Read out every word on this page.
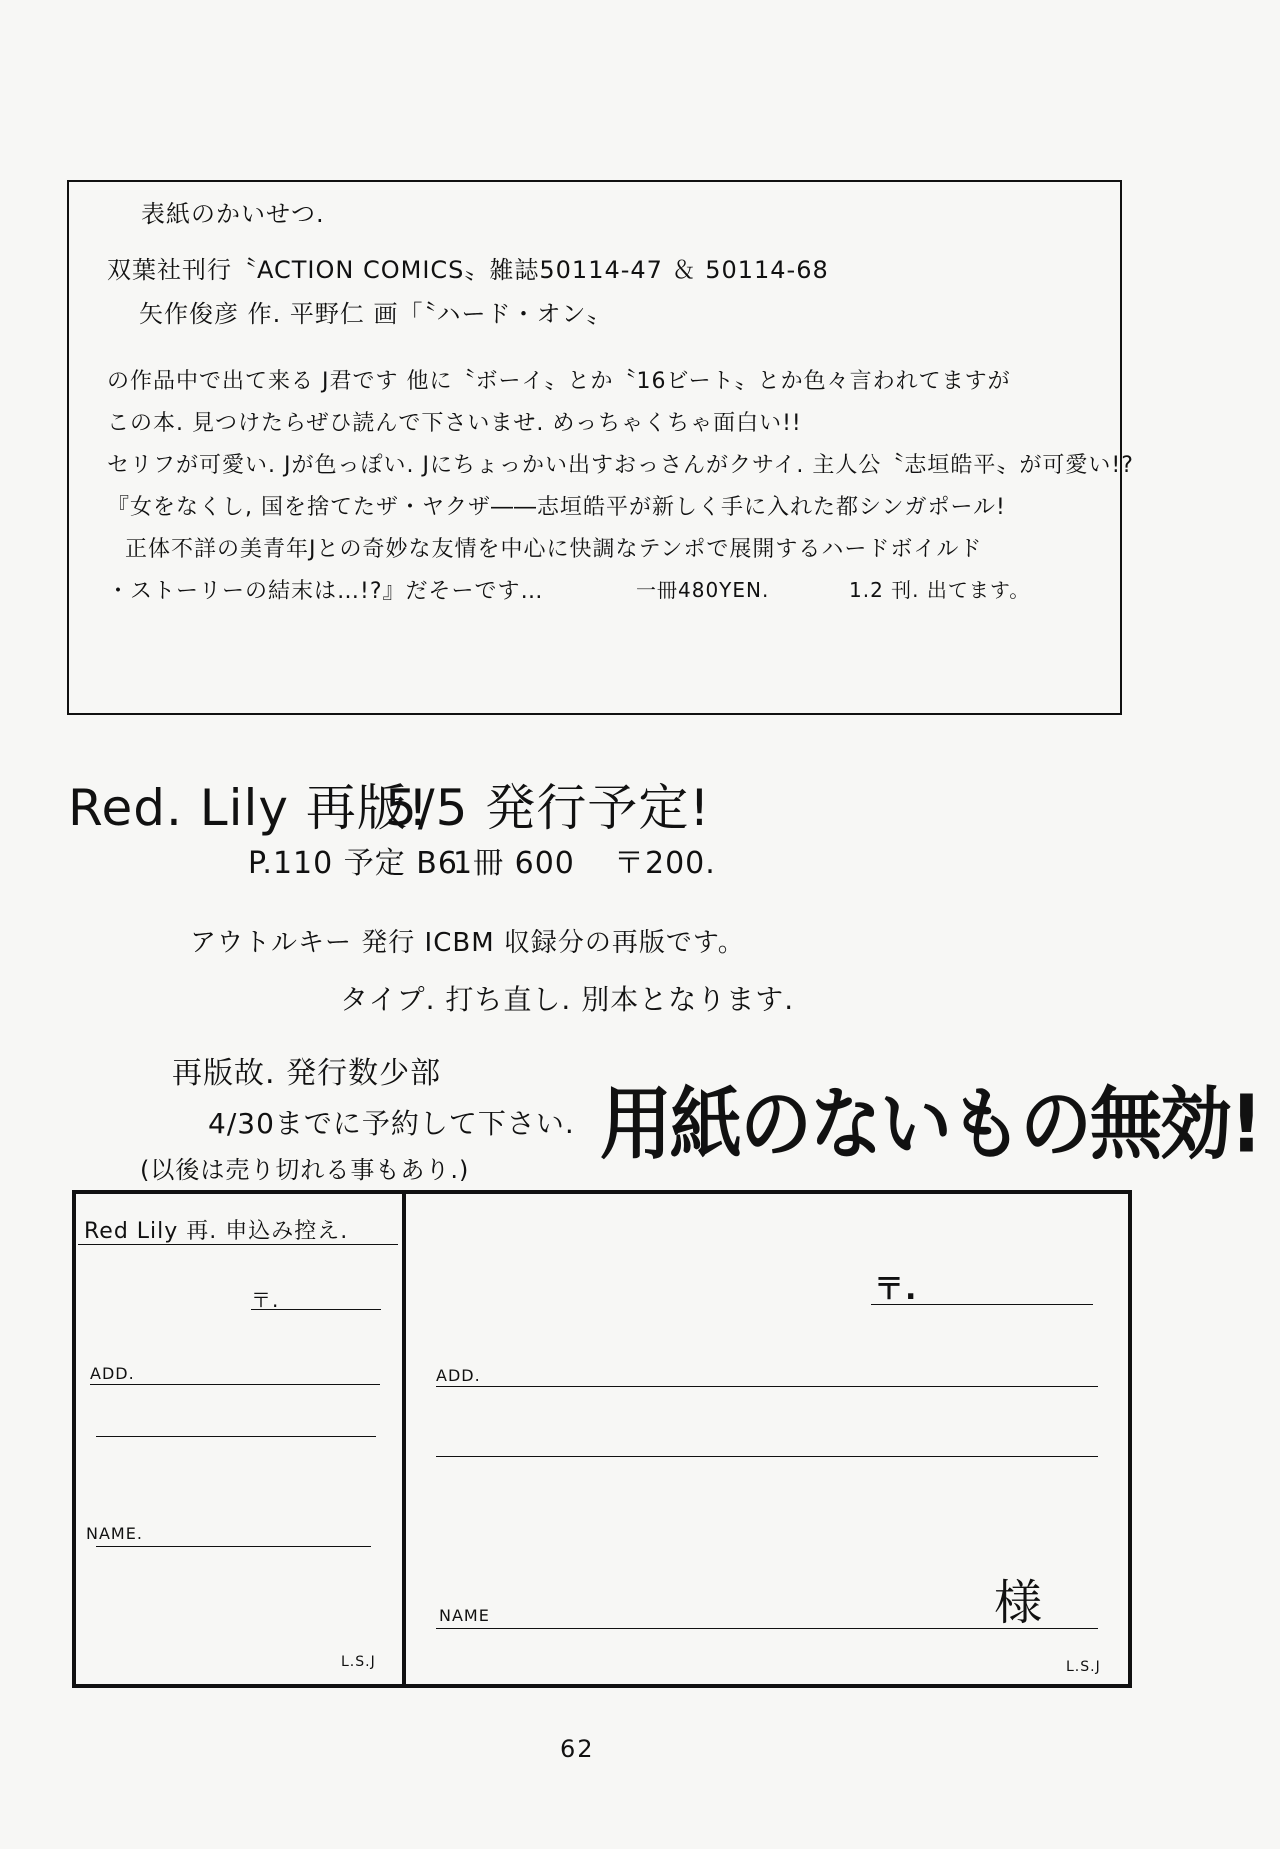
表紙のかいせつ.
双葉社刊行〝ACTION COMICS〟雑誌50114-47 ＆ 50114-68
矢作俊彦 作. 平野仁 画「〝ハード・オン〟
の作品中で出て来る J君です 他に〝ボーイ〟とか〝16ビート〟とか色々言われてますが
この本. 見つけたらぜひ読んで下さいませ. めっちゃくちゃ面白い!!
セリフが可愛い. Jが色っぽい. Jにちょっかい出すおっさんがクサイ. 主人公〝志垣皓平〟が可愛い!?
『女をなくし, 国を捨てたザ・ヤクザ――志垣皓平が新しく手に入れた都シンガポール!
正体不詳の美青年Jとの奇妙な友情を中心に快調なテンポで展開するハードボイルド
・ストーリーの結末は…!?』だそーです…	一冊480YEN.	1.2 刊. 出てます。
Red. Lily 再版!
5/5 発行予定!
P.110 予定 B6.
1冊 600 〒200.
アウトルキー 発行 ICBM 収録分の再版です。
タイプ. 打ち直し. 別本となります.
再版故. 発行数少部
4/30までに予約して下さい.
(以後は売り切れる事もあり.) 用紙のないもの無効!
Red Lily 再. 申込み控え.
〒.
ADD.
NAME.
L.S.J
〒.
ADD.
NAME	様
L.S.J
62
